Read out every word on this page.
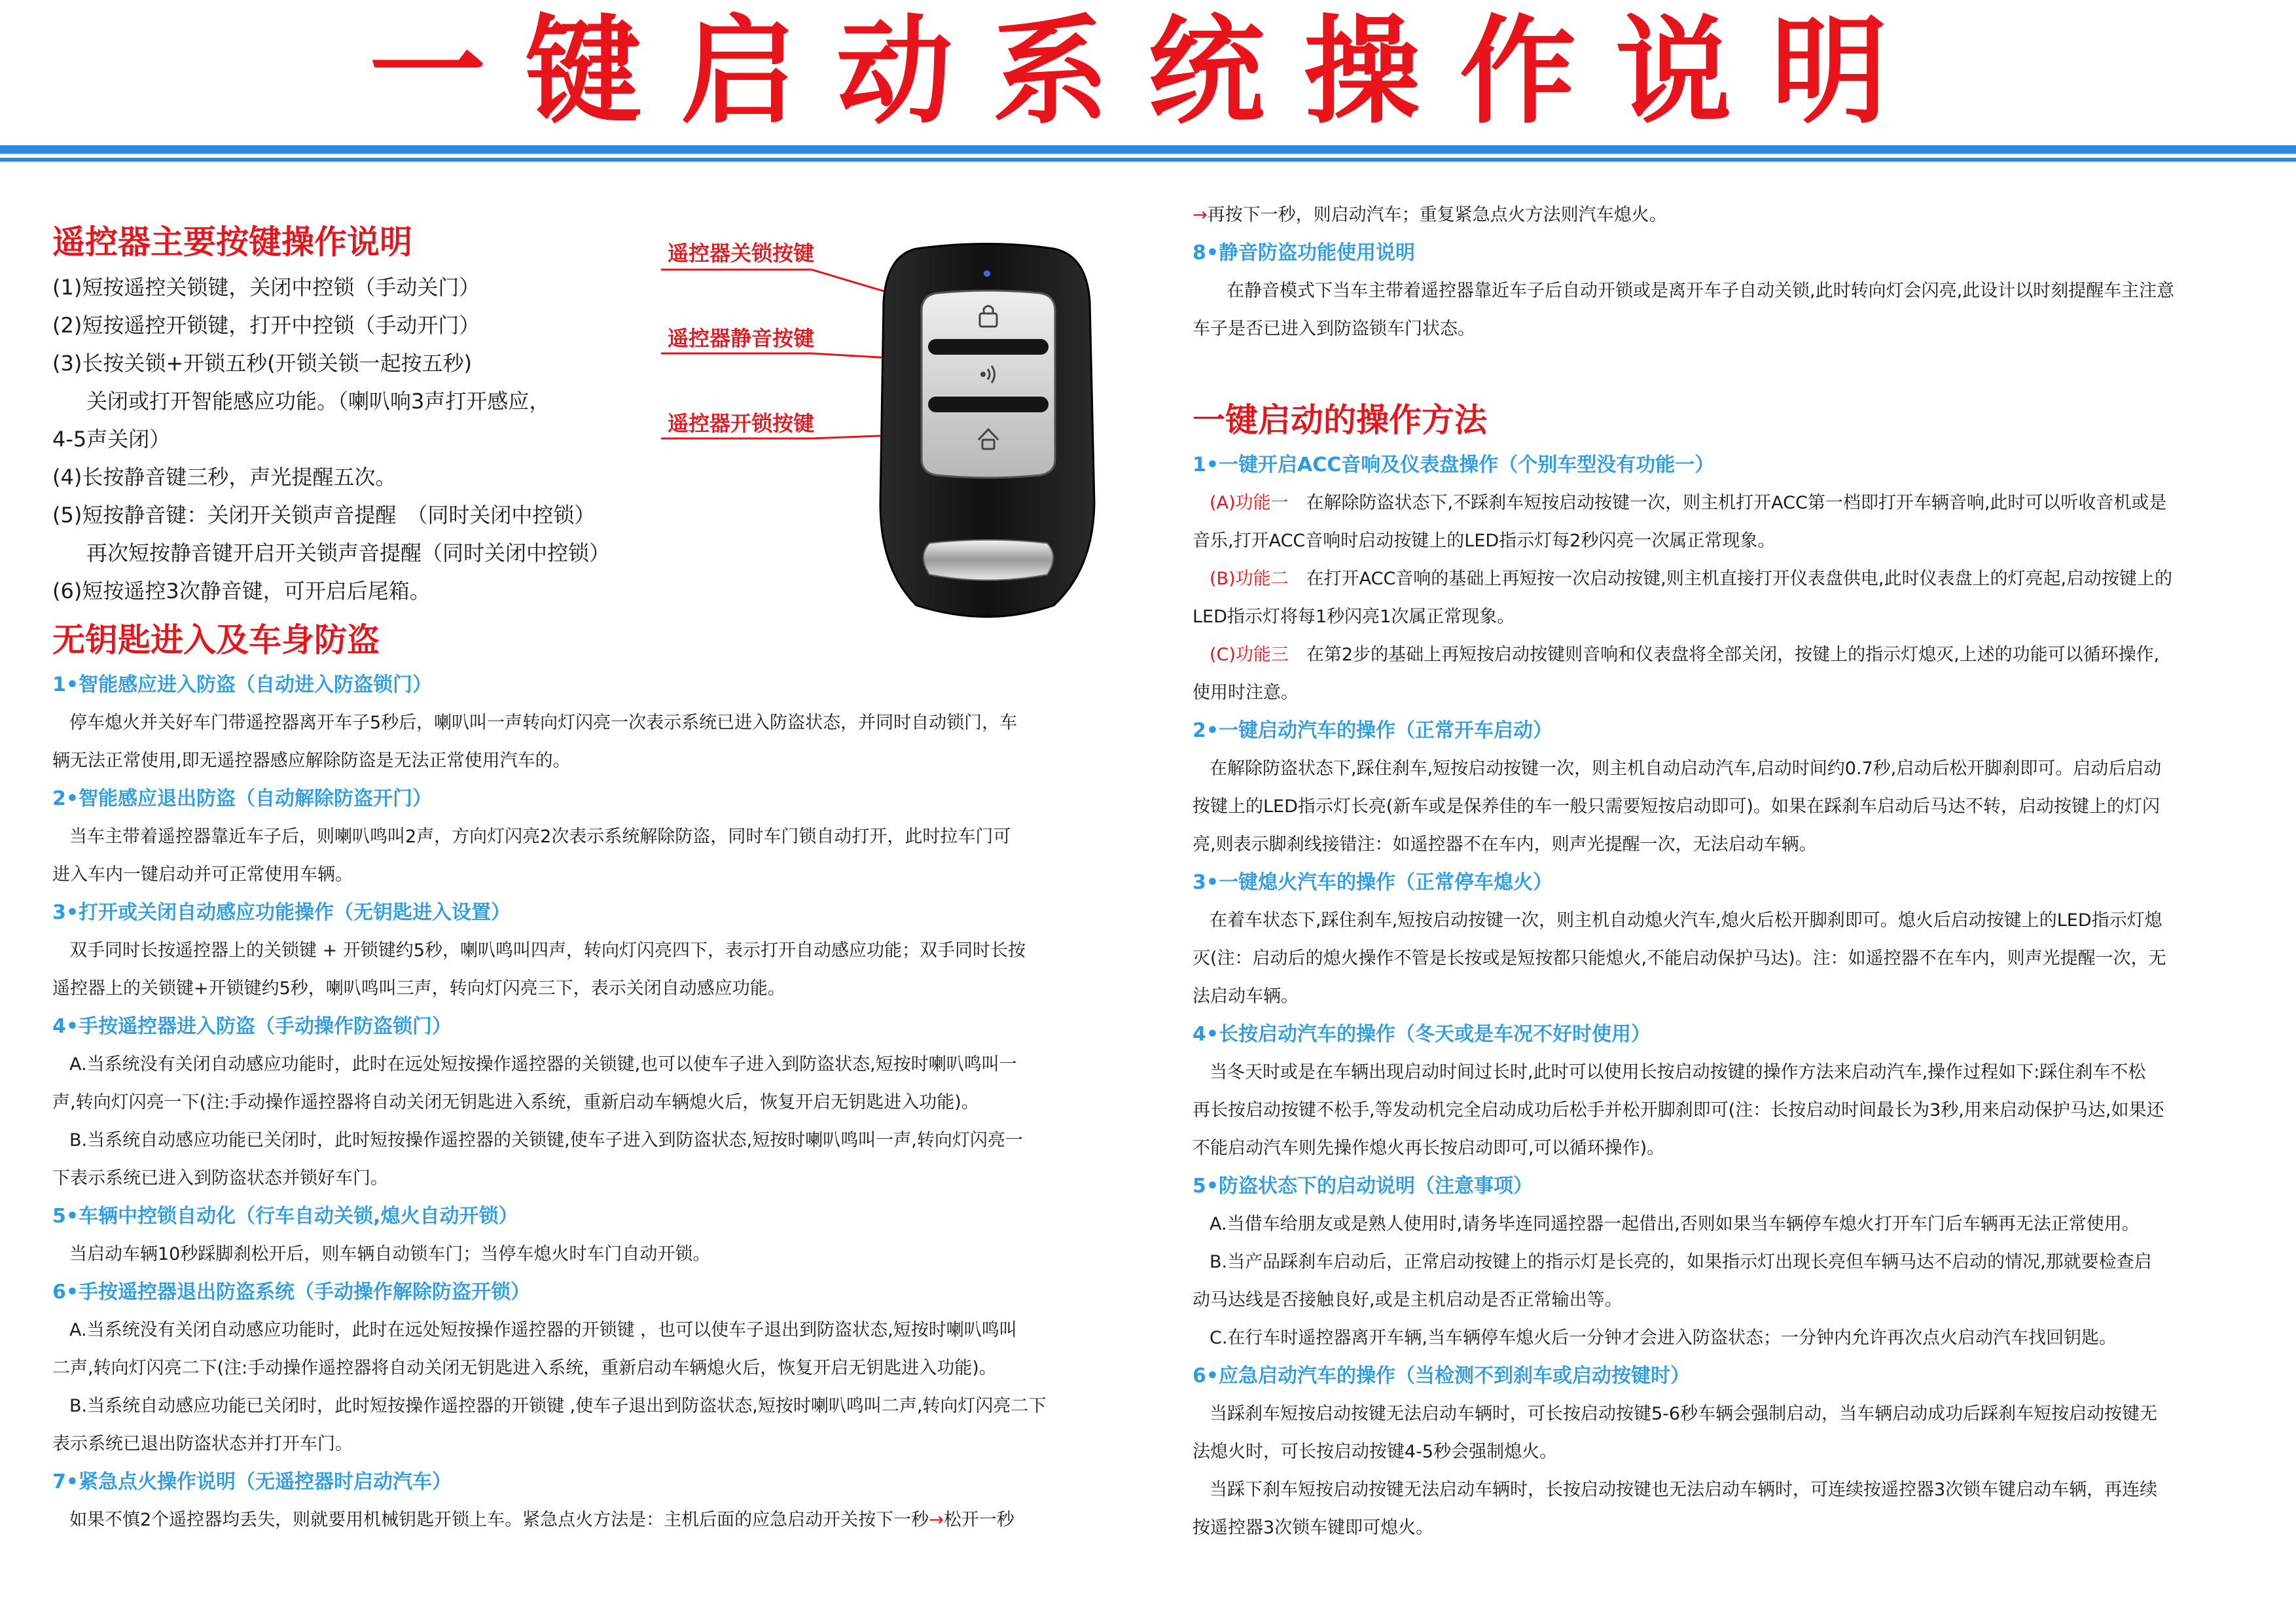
一键启动系统操作说明
遥控器主要按键操作说明

(1)短按遥控关锁键，关闭中控锁（手动关门）

(2)短按遥控开锁键，打开中控锁（手动开门）

(3)长按关锁+开锁五秒(开锁关锁一起按五秒)

关闭或打开智能感应功能。（喇叭响3声打开感应，

4-5声关闭）

(4)长按静音键三秒，声光提醒五次。

(5)短按静音键：关闭开关锁声音提醒　（同时关闭中控锁）

再次短按静音键开启开关锁声音提醒（同时关闭中控锁）

(6)短按遥控3次静音键，可开启后尾箱。

无钥匙进入及车身防盗
1•智能感应进入防盗（自动进入防盗锁门）

停车熄火并关好车门带遥控器离开车子5秒后，喇叭叫一声转向灯闪亮一次表示系统已进入防盗状态，并同时自动锁门，车

辆无法正常使用,即无遥控器感应解除防盗是无法正常使用汽车的。

2•智能感应退出防盗（自动解除防盗开门）

当车主带着遥控器靠近车子后，则喇叭鸣叫2声，方向灯闪亮2次表示系统解除防盗，同时车门锁自动打开，此时拉车门可

进入车内一键启动并可正常使用车辆。

3•打开或关闭自动感应功能操作（无钥匙进入设置）

双手同时长按遥控器上的关锁键 + 开锁键约5秒，喇叭鸣叫四声，转向灯闪亮四下，表示打开自动感应功能；双手同时长按

遥控器上的关锁键+开锁键约5秒，喇叭鸣叫三声，转向灯闪亮三下，表示关闭自动感应功能。

4•手按遥控器进入防盗（手动操作防盗锁门）

A.当系统没有关闭自动感应功能时，此时在远处短按操作遥控器的关锁键,也可以使车子进入到防盗状态,短按时喇叭鸣叫一

声,转向灯闪亮一下(注:手动操作遥控器将自动关闭无钥匙进入系统，重新启动车辆熄火后，恢复开启无钥匙进入功能)。

B.当系统自动感应功能已关闭时，此时短按操作遥控器的关锁键,使车子进入到防盗状态,短按时喇叭鸣叫一声,转向灯闪亮一

下表示系统已进入到防盗状态并锁好车门。

5•车辆中控锁自动化（行车自动关锁,熄火自动开锁）

当启动车辆10秒踩脚刹松开后，则车辆自动锁车门；当停车熄火时车门自动开锁。

6•手按遥控器退出防盗系统（手动操作解除防盗开锁）

A.当系统没有关闭自动感应功能时，此时在远处短按操作遥控器的开锁键 ，也可以使车子退出到防盗状态,短按时喇叭鸣叫

二声,转向灯闪亮二下(注:手动操作遥控器将自动关闭无钥匙进入系统，重新启动车辆熄火后，恢复开启无钥匙进入功能)。

B.当系统自动感应功能已关闭时，此时短按操作遥控器的开锁键 ,使车子退出到防盗状态,短按时喇叭鸣叫二声,转向灯闪亮二下

表示系统已退出防盗状态并打开车门。

7•紧急点火操作说明（无遥控器时启动汽车）

如果不慎2个遥控器均丢失，则就要用机械钥匙开锁上车。紧急点火方法是：主机后面的应急启动开关按下一秒→松开一秒

遥控器关锁按键
遥控器静音按键
遥控器开锁按键

→再按下一秒，则启动汽车；重复紧急点火方法则汽车熄火。

8•静音防盗功能使用说明

在静音模式下当车主带着遥控器靠近车子后自动开锁或是离开车子自动关锁,此时转向灯会闪亮,此设计以时刻提醒车主注意

车子是否已进入到防盗锁车门状态。

一键启动的操作方法
1•一键开启ACC音响及仪表盘操作（个别车型没有功能一）

(A)功能一　 在解除防盗状态下,不踩刹车短按启动按键一次，则主机打开ACC第一档即打开车辆音响,此时可以听收音机或是

音乐,打开ACC音响时启动按键上的LED指示灯每2秒闪亮一次属正常现象。

(B)功能二　 在打开ACC音响的基础上再短按一次启动按键,则主机直接打开仪表盘供电,此时仪表盘上的灯亮起,启动按键上的

LED指示灯将每1秒闪亮1次属正常现象。

(C)功能三　 在第2步的基础上再短按启动按键则音响和仪表盘将全部关闭，按键上的指示灯熄灭,上述的功能可以循环操作,

使用时注意。

2•一键启动汽车的操作（正常开车启动）

在解除防盗状态下,踩住刹车,短按启动按键一次，则主机自动启动汽车,启动时间约0.7秒,启动后松开脚刹即可。启动后启动

按键上的LED指示灯长亮(新车或是保养佳的车一般只需要短按启动即可)。如果在踩刹车启动后马达不转，启动按键上的灯闪

亮,则表示脚刹线接错注：如遥控器不在车内，则声光提醒一次，无法启动车辆。

3•一键熄火汽车的操作（正常停车熄火）

在着车状态下,踩住刹车,短按启动按键一次，则主机自动熄火汽车,熄火后松开脚刹即可。熄火后启动按键上的LED指示灯熄

灭(注：启动后的熄火操作不管是长按或是短按都只能熄火,不能启动保护马达)。注：如遥控器不在车内，则声光提醒一次，无

法启动车辆。

4•长按启动汽车的操作（冬天或是车况不好时使用）

当冬天时或是在车辆出现启动时间过长时,此时可以使用长按启动按键的操作方法来启动汽车,操作过程如下:踩住刹车不松

再长按启动按键不松手,等发动机完全启动成功后松手并松开脚刹即可(注：长按启动时间最长为3秒,用来启动保护马达,如果还

不能启动汽车则先操作熄火再长按启动即可,可以循环操作)。

5•防盗状态下的启动说明（注意事项）

A.当借车给朋友或是熟人使用时,请务毕连同遥控器一起借出,否则如果当车辆停车熄火打开车门后车辆再无法正常使用。

B.当产品踩刹车启动后，正常启动按键上的指示灯是长亮的，如果指示灯出现长亮但车辆马达不启动的情况,那就要检查启

动马达线是否接触良好,或是主机启动是否正常输出等。

C.在行车时遥控器离开车辆,当车辆停车熄火后一分钟才会进入防盗状态；一分钟内允许再次点火启动汽车找回钥匙。

6•应急启动汽车的操作（当检测不到刹车或启动按键时）

当踩刹车短按启动按键无法启动车辆时，可长按启动按键5-6秒车辆会强制启动，当车辆启动成功后踩刹车短按启动按键无

法熄火时，可长按启动按键4-5秒会强制熄火。

当踩下刹车短按启动按键无法启动车辆时，长按启动按键也无法启动车辆时，可连续按遥控器3次锁车键启动车辆，再连续

按遥控器3次锁车键即可熄火。
